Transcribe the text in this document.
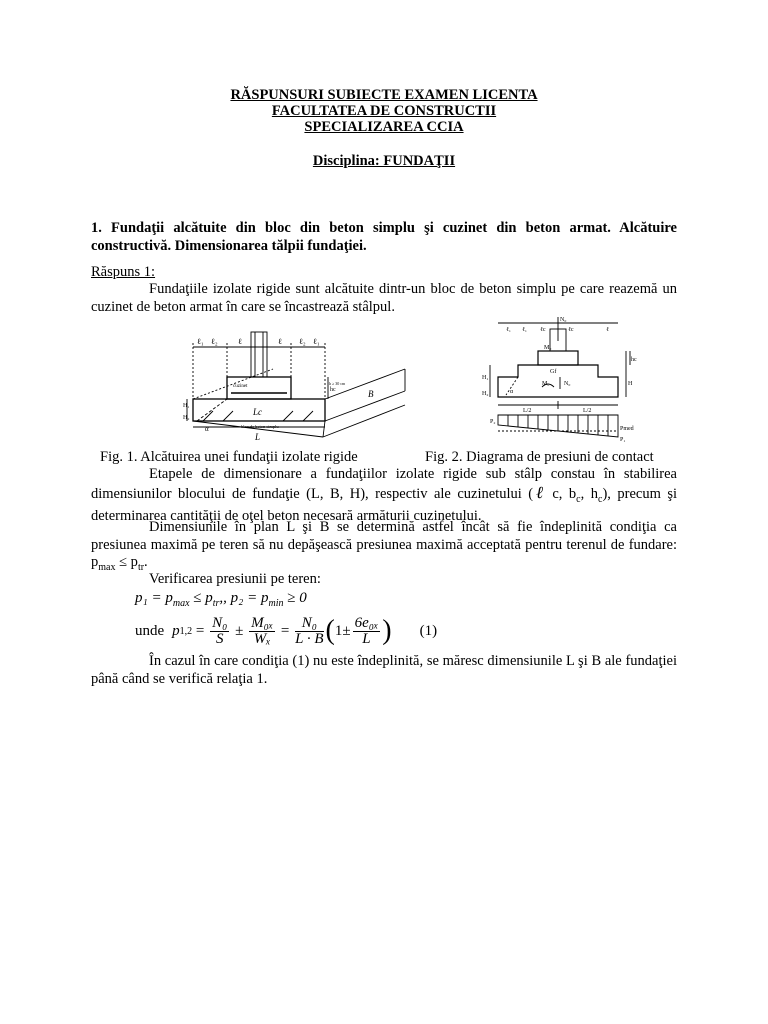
RĂSPUNSURI SUBIECTE EXAMEN LICENTA
FACULTATEA DE CONSTRUCTII
SPECIALIZAREA CCIA
Disciplina: FUNDAŢII
1. Fundaţii alcătuite din bloc din beton simplu şi cuzinet din beton armat. Alcătuire constructivă. Dimensionarea tălpii fundaţiei.
Răspuns 1:
Fundaţiile izolate rigide sunt alcătuite dintr-un bloc de beton simplu pe care reazemă un cuzinet de beton armat în care se încastrează stâlpul.
ℓ₁ ℓ₂	ℓ	ℓ ℓ₂ ℓ₁
H₁
H₂
hc
h ≥ 30 cm
Lc
cuzinet
bloc de beton simplu
L
B
α
N₀
M₀
ℓ₁	ℓc	ℓc	ℓ
ℓ₁
hc
H₁
H₂
H
L/2	L/2
α
Gf
M₀ N₀
Pmed
P₁
P₂
Fig. 1. Alcătuirea unei fundaţii izolate rigide	Fig. 2. Diagrama de presiuni de contact
Etapele de dimensionare a fundaţiilor izolate rigide sub stâlp constau în stabilirea dimensiunilor blocului de fundaţie (L, B, H), respectiv ale cuzinetului (ℓ c, $b_c$, $h_c$), precum şi determinarea cantităţii de oţel beton necesară armăturii cuzinetului.
Dimensiunile în plan L şi B se determină astfel încât să fie îndeplinită condiţia ca presiunea maximă pe teren să nu depăşească presiunea maximă acceptată pentru terenul de fundare: $p_{max} \le p_{tr}$.
Verificarea presiunii pe teren:
$p_1 = p_{max} \le p_{tr}$,, $p_2 = p_{min} \ge 0$
unde p $1,2 = \frac{\text{N₀}}{S} \pm \frac{\text{M₀ₓ}}{\text{Wₓ}} = \frac{\text{N₀}}{L \cdot B}$ ( $1\pm \frac{\text{6e₀ₓ}}{L}$ ) (1)
În cazul în care condiţia (1) nu este îndeplinită, se măresc dimensiunile L şi B ale fundaţiei până când se verifică relaţia 1.
